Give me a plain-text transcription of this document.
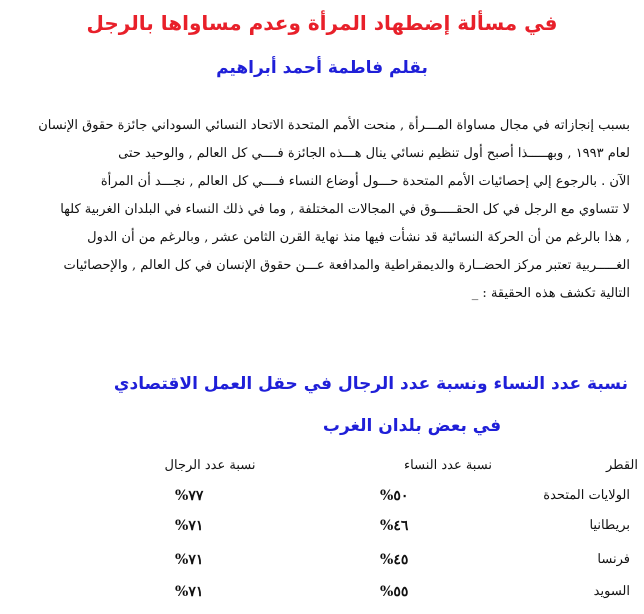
في مسألة إضطهاد المرأة وعدم مساواها بالرجل
بقلم فاطمة أحمد أبراهيم
بسبب إنجازاته في مجال مساواة المـــرأة , منحت الأمم المتحدة الاتحاد النسائي السوداني جائزة حقوق الإنسان
لعام ١٩٩٣ , وبهـــــذا أصبح أول تنظيم نسائي ينال هـــذه الجائزة فــــي كل العالم , والوحيد حتى
الآن . بالرجوع إلي إحصائيات الأمم المتحدة حـــول أوضاع النساء فــــي كل العالم , نجـــد أن المرأة
لا تتساوي مع الرجل في كل الحقـــــوق في المجالات المختلفة , وما في ذلك النساء في البلدان الغربية كلها
, هذا بالرغم من أن الحركة النسائية قد نشأت فيها منذ نهاية القرن الثامن عشر , وبالرغم من أن الدول
الغـــــربية تعتبر مركز الحضــارة والديمقراطية والمدافعة عـــن حقوق الإنسان في كل العالم , والإحصائيات
التالية تكشف هذه الحقيقة : _
نسبة عدد النساء ونسبة عدد الرجال في حقل العمل الاقتصادي
في بعض بلدان الغرب
القطر
نسبة عدد النساء
نسبة عدد الرجال
الولايات المتحدة
%٥٠
%٧٧
بريطانيا
%٤٦
%٧١
فرنسا
%٤٥
%٧١
السويد
%٥٥
%٧١
